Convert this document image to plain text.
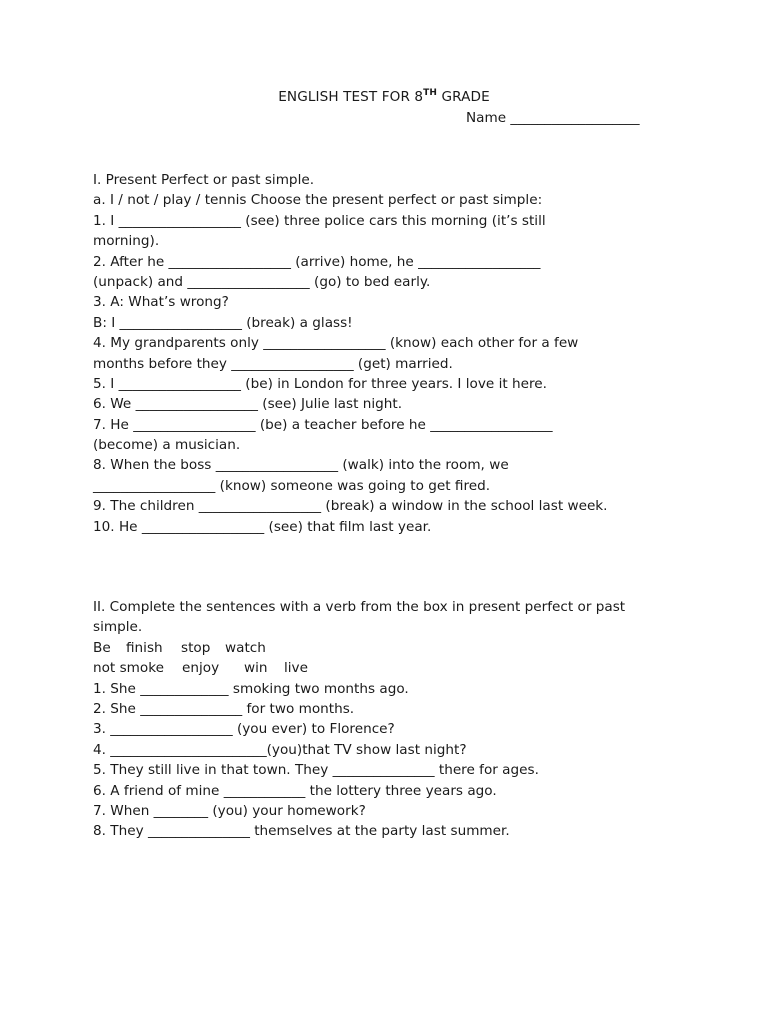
ENGLISH TEST FOR 8TH GRADE
Name ___________________
I. Present Perfect or past simple.
a. I / not / play / tennis Choose the present perfect or past simple:
1. I __________________ (see) three police cars this morning (it’s still
morning).
2. After he __________________ (arrive) home, he __________________
(unpack) and __________________ (go) to bed early.
3. A: What’s wrong?
B: I __________________ (break) a glass!
4. My grandparents only __________________ (know) each other for a few
months before they __________________ (get) married.
5. I __________________ (be) in London for three years. I love it here.
6. We __________________ (see) Julie last night.
7. He __________________ (be) a teacher before he __________________
(become) a musician.
8. When the boss __________________ (walk) into the room, we
__________________ (know) someone was going to get fired.
9. The children __________________ (break) a window in the school last week.
10. He __________________ (see) that film last year.
II. Complete the sentences with a verb from the box in present perfect or past
simple.
Be finish stop watch
not smoke enjoy win live
1. She _____________ smoking two months ago.
2. She _______________ for two months.
3. __________________ (you ever) to Florence?
4. _______________________(you)that TV show last night?
5. They still live in that town. They _______________ there for ages.
6. A friend of mine ____________ the lottery three years ago.
7. When ________ (you) your homework?
8. They _______________ themselves at the party last summer.
